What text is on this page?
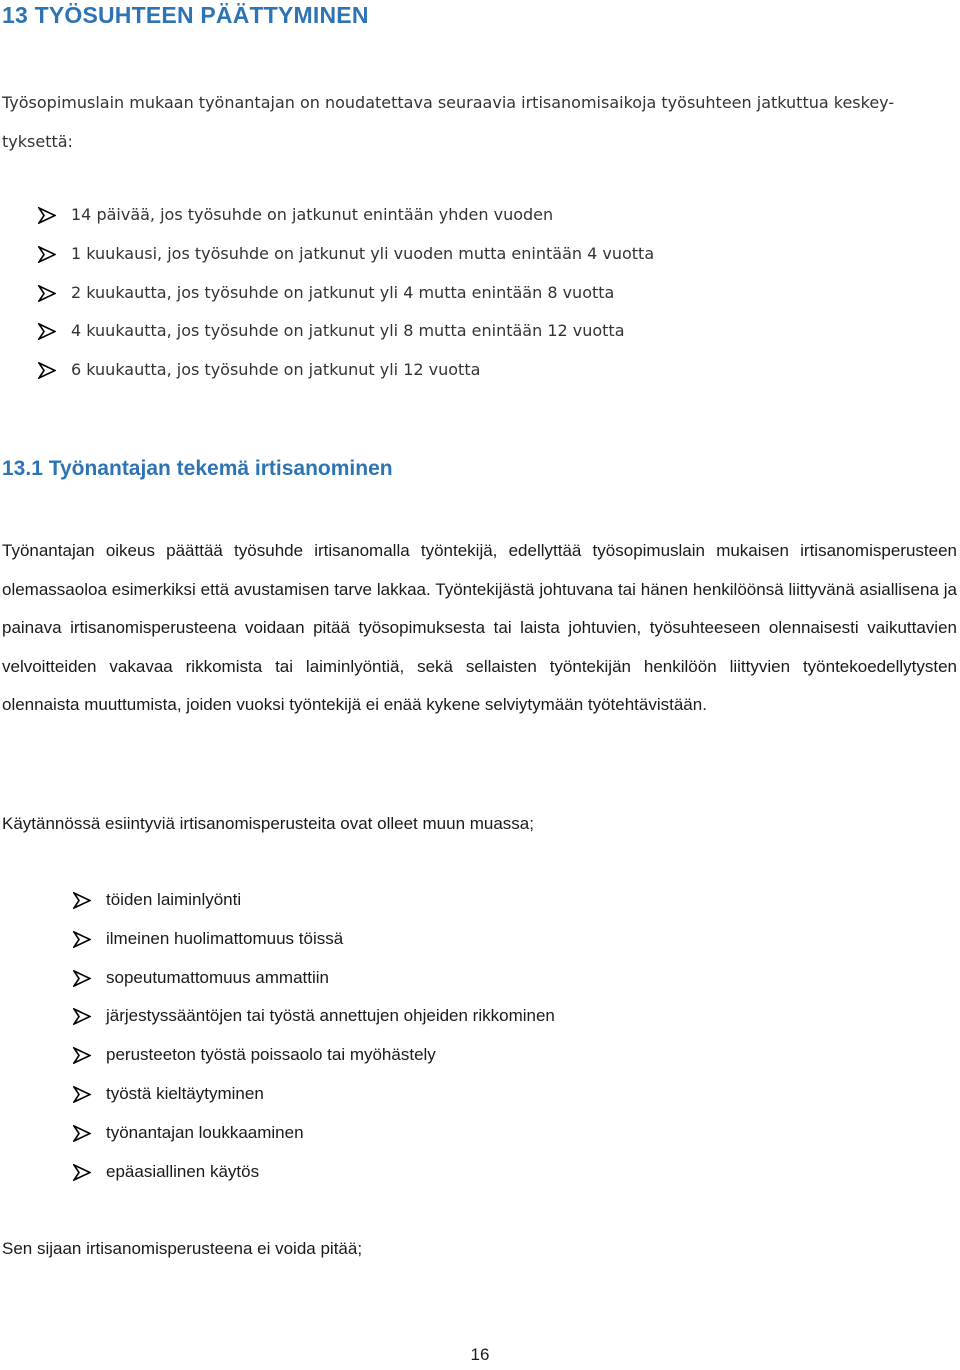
13 TYÖSUHTEEN PÄÄTTYMINEN
Työsopimuslain mukaan työnantajan on noudatettava seuraavia irtisanomisaikoja työsuhteen jatkuttua keskey-
tyksettä:
14 päivää, jos työsuhde on jatkunut enintään yhden vuoden
1 kuukausi, jos työsuhde on jatkunut yli vuoden mutta enintään 4 vuotta
2 kuukautta, jos työsuhde on jatkunut yli 4 mutta enintään 8 vuotta
4 kuukautta, jos työsuhde on jatkunut yli 8 mutta enintään 12 vuotta
6 kuukautta, jos työsuhde on jatkunut yli 12 vuotta
13.1 Työnantajan tekemä irtisanominen

Työnantajan oikeus päättää työsuhde irtisanomalla työntekijä, edellyttää työsopimuslain mukaisen irtisanomisperusteen olemassaoloa esimerkiksi että avustamisen tarve lakkaa. Työntekijästä johtuvana tai hänen henkilöönsä liittyvänä asiallisena ja painava irtisanomisperusteena voidaan pitää työsopimuksesta tai laista johtuvien, työsuhteeseen olennaisesti vaikuttavien velvoitteiden vakavaa rikkomista tai laiminlyöntiä, sekä sellaisten työntekijän henkilöön liittyvien työntekoedellytysten olennaista muuttumista, joiden vuoksi työntekijä ei enää kykene selviytymään työtehtävistään.

Käytännössä esiintyviä irtisanomisperusteita ovat olleet muun muassa;

töiden laiminlyönti
ilmeinen huolimattomuus töissä
sopeutumattomuus ammattiin
järjestyssääntöjen tai työstä annettujen ohjeiden rikkominen
perusteeton työstä poissaolo tai myöhästely
työstä kieltäytyminen
työnantajan loukkaaminen
epäasiallinen käytös

Sen sijaan irtisanomisperusteena ei voida pitää;

16
